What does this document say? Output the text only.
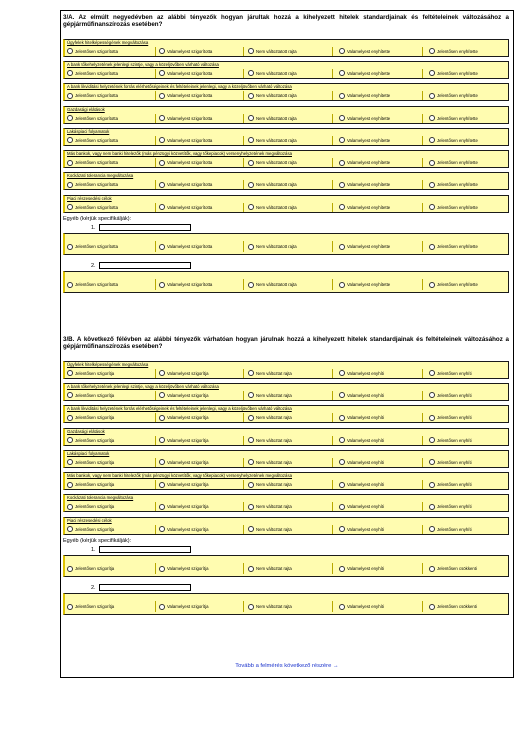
3/A. Az elmúlt negyedévben az alábbi tényezők hogyan járultak hozzá a kihelyezett hitelek standardjainak és feltételeinek változásához a gépjárműfinanszírozás esetében?
Ügyfelek hitelképességének megváltozása
Jelentősen szigorította	Valamelyest szigorította	Nem változtatott rajta	Valamelyest enyhítette	Jelentősen enyhítette
A bank tőkehelyzetének jelenlegi szintje, vagy a közeljövőben várható változása
Jelentősen szigorította	Valamelyest szigorította	Nem változtatott rajta	Valamelyest enyhítette	Jelentősen enyhítette
A bank likviditási helyzetének forrás elérhetőségeinek és feltételeinek jelenlegi, vagy a közeljövőben várható változása
Jelentősen szigorította	Valamelyest szigorította	Nem változtatott rajta	Valamelyest enyhítette	Jelentősen enyhítette
Gazdasági elátások
Jelentősen szigorította	Valamelyest szigorította	Nem változtatott rajta	Valamelyest enyhítette	Jelentősen enyhítette
Lakáspiaci folyamatok
Jelentősen szigorította	Valamelyest szigorította	Nem változtatott rajta	Valamelyest enyhítette	Jelentősen enyhítette
Más bankok, vagy nem banki hitelezők (más pénzügyi közvetítők, vagy tőkepiacok) versenyhelyzetének megváltozása
Jelentősen szigorította	Valamelyest szigorította	Nem változtatott rajta	Valamelyest enyhítette	Jelentősen enyhítette
Kockázati tolerancia megváltozása
Jelentősen szigorította	Valamelyest szigorította	Nem változtatott rajta	Valamelyest enyhítette	Jelentősen enyhítette
Piaci részesedési célok
Jelentősen szigorította	Valamelyest szigorította	Nem változtatott rajta	Valamelyest enyhítette	Jelentősen enyhítette
Egyéb (kérjük specifikálják):
1.
Jelentősen szigorította	Valamelyest szigorította	Nem változtatott rajta	Valamelyest enyhítette	Jelentősen enyhítette
2.
Jelentősen szigorította	Valamelyest szigorította	Nem változtatott rajta	Valamelyest enyhítette	Jelentősen enyhítette
3/B. A következő félévben az alábbi tényezők várhatóan hogyan járulnak hozzá a kihelyezett hitelek standardjainak és feltételeinek változásához a gépjárműfinanszírozás esetében?
Ügyfelek hitelképességének megváltozása
Jelentősen szigorítja	Valamelyest szigorítja	Nem változtat rajta	Valamelyest enyhíti	Jelentősen enyhíti
A bank tőkehelyzetének jelenlegi szintje, vagy a közeljövőben várható változása
Jelentősen szigorítja	Valamelyest szigorítja	Nem változtat rajta	Valamelyest enyhíti	Jelentősen enyhíti
A bank likviditási helyzetének forrás elérhetőségeinek és feltételeinek jelenlegi, vagy a közeljövőben várható változása
Jelentősen szigorítja	Valamelyest szigorítja	Nem változtat rajta	Valamelyest enyhíti	Jelentősen enyhíti
Gazdasági elátások
Jelentősen szigorítja	Valamelyest szigorítja	Nem változtat rajta	Valamelyest enyhíti	Jelentősen enyhíti
Lakáspiaci folyamatok
Jelentősen szigorítja	Valamelyest szigorítja	Nem változtat rajta	Valamelyest enyhíti	Jelentősen enyhíti
Más bankok, vagy nem banki hitelezők (más pénzügyi közvetítők, vagy tőkepiacok) versenyhelyzetének megváltozása
Jelentősen szigorítja	Valamelyest szigorítja	Nem változtat rajta	Valamelyest enyhíti	Jelentősen enyhíti
Kockázati tolerancia megváltozása
Jelentősen szigorítja	Valamelyest szigorítja	Nem változtat rajta	Valamelyest enyhíti	Jelentősen enyhíti
Piaci részesedési célok
Jelentősen szigorítja	Valamelyest szigorítja	Nem változtat rajta	Valamelyest enyhíti	Jelentősen enyhíti
Egyéb (kérjük specifikálják):
1.
Jelentősen szigorítja	Valamelyest szigorítja	Nem változtat rajta	Valamelyest enyhíti	Jelentősen csökkenti
2.
Jelentősen szigorítja	Valamelyest szigorítja	Nem változtat rajta	Valamelyest enyhíti	Jelentősen csökkenti
Tovább a felmérés következő részére →
